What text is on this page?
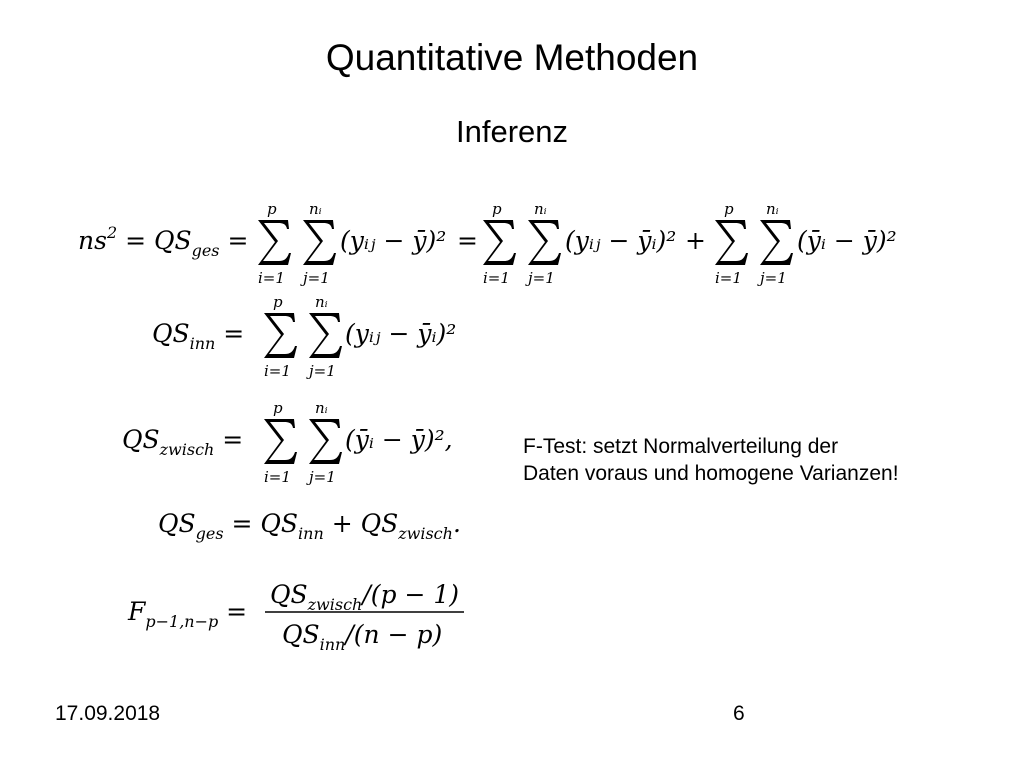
Quantitative Methoden
Inferenz
$ns^2 = QS_{ges}$ =
p nᵢ
i=1 j=1
(yᵢⱼ − ȳ)² =
p nᵢ
i=1 j=1
(yᵢⱼ − ȳᵢ)² +
p nᵢ
i=1 j=1
(ȳᵢ − ȳ)²
$QS_{inn}$ =
p nᵢ
i=1 j=1
(yᵢⱼ − ȳᵢ)²
$QS_{zwisch}$ =
p nᵢ
i=1 j=1
(ȳᵢ − ȳ)²,
$QS_{ges} = QS_{inn} + QS_{zwisch}$.
$F_{p-1,n-p}$ =
$QS_{zwisch}/(p - 1)$
$QS_{inn}/(n - p)$
F-Test: setzt Normalverteilung der
Daten voraus und homogene Varianzen!
17.09.2018	6
